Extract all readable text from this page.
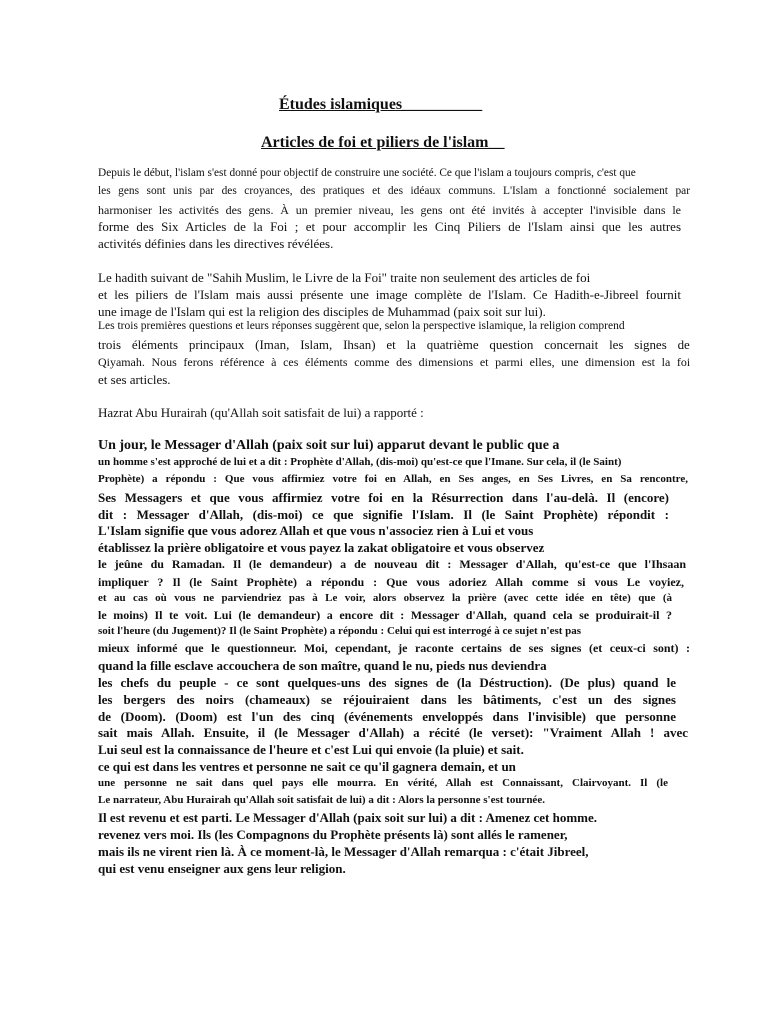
Études islamiques__________
Articles de foi et piliers de l'islam__
Depuis le début, l'islam s'est donné pour objectif de construire une société. Ce que l'islam a toujours compris, c'est que
les gens sont unis par des croyances, des pratiques et des idéaux communs. L'Islam a fonctionné socialement par
harmoniser les activités des gens. À un premier niveau, les gens ont été invités à accepter l'invisible dans le
forme des Six Articles de la Foi ; et pour accomplir les Cinq Piliers de l'Islam ainsi que les autres
activités définies dans les directives révélées.
Le hadith suivant de "Sahih Muslim, le Livre de la Foi" traite non seulement des articles de foi
et les piliers de l'Islam mais aussi présente une image complète de l'Islam. Ce Hadith-e-Jibreel fournit
une image de l'Islam qui est la religion des disciples de Muhammad (paix soit sur lui).
Les trois premières questions et leurs réponses suggèrent que, selon la perspective islamique, la religion comprend
trois éléments principaux (Iman, Islam, Ihsan) et la quatrième question concernait les signes de
Qiyamah. Nous ferons référence à ces éléments comme des dimensions et parmi elles, une dimension est la foi
et ses articles.
Hazrat Abu Hurairah (qu'Allah soit satisfait de lui) a rapporté :
Un jour, le Messager d'Allah (paix soit sur lui) apparut devant le public que a
un homme s'est approché de lui et a dit : Prophète d'Allah, (dis-moi) qu'est-ce que l'Imane. Sur cela, il (le Saint)
Prophète) a répondu : Que vous affirmiez votre foi en Allah, en Ses anges, en Ses Livres, en Sa rencontre,
Ses Messagers et que vous affirmiez votre foi en la Résurrection dans l'au-delà. Il (encore)
dit : Messager d'Allah, (dis-moi) ce que signifie l'Islam. Il (le Saint Prophète) répondit :
L'Islam signifie que vous adorez Allah et que vous n'associez rien à Lui et vous
établissez la prière obligatoire et vous payez la zakat obligatoire et vous observez
le jeûne du Ramadan. Il (le demandeur) a de nouveau dit : Messager d'Allah, qu'est-ce que l'Ihsaan
impliquer ? Il (le Saint Prophète) a répondu : Que vous adoriez Allah comme si vous Le voyiez,
et au cas où vous ne parviendriez pas à Le voir, alors observez la prière (avec cette idée en tête) que (à
le moins) Il te voit. Lui (le demandeur) a encore dit : Messager d'Allah, quand cela se produirait-il ?
soit l'heure (du Jugement)? Il (le Saint Prophète) a répondu : Celui qui est interrogé à ce sujet n'est pas
mieux informé que le questionneur. Moi, cependant, je raconte certains de ses signes (et ceux-ci sont) :
quand la fille esclave accouchera de son maître, quand le nu, pieds nus deviendra
les chefs du peuple - ce sont quelques-uns des signes de (la Déstruction). (De plus) quand le
les bergers des noirs (chameaux) se réjouiraient dans les bâtiments, c'est un des signes
de (Doom). (Doom) est l'un des cinq (événements enveloppés dans l'invisible) que personne
sait mais Allah. Ensuite, il (le Messager d'Allah) a récité (le verset): "Vraiment Allah ! avec
Lui seul est la connaissance de l'heure et c'est Lui qui envoie (la pluie) et sait.
ce qui est dans les ventres et personne ne sait ce qu'il gagnera demain, et un
une personne ne sait dans quel pays elle mourra. En vérité, Allah est Connaissant, Clairvoyant. Il (le
Le narrateur, Abu Hurairah qu'Allah soit satisfait de lui) a dit : Alors la personne s'est tournée.
Il est revenu et est parti. Le Messager d'Allah (paix soit sur lui) a dit : Amenez cet homme.
revenez vers moi. Ils (les Compagnons du Prophète présents là) sont allés le ramener,
mais ils ne virent rien là. À ce moment-là, le Messager d'Allah remarqua : c'était Jibreel,
qui est venu enseigner aux gens leur religion.
